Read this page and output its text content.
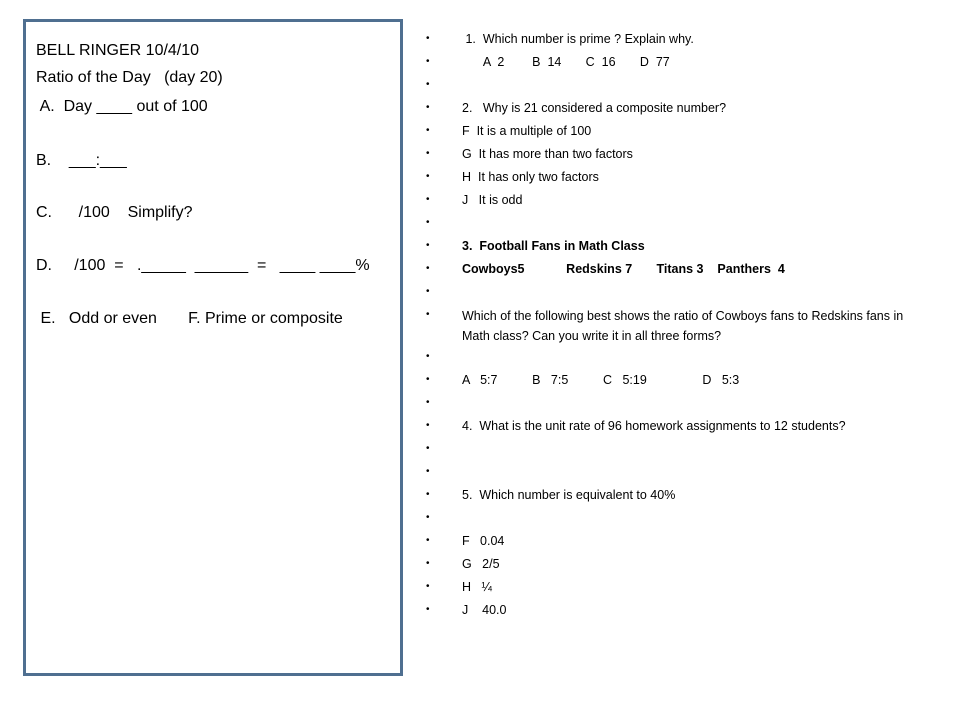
BELL RINGER 10/4/10
Ratio of the Day   (day 20)
A.  Day ____ out of 100
B.    ___:___
C.      /100    Simplify?
D.     /100  =   ._____  ______  =   ____ ____%
E.   Odd or even       F. Prime or composite
•	1.  Which number is prime ? Explain why.
•	A  2        B  14       C  16       D  77
•
•	2.   Why is 21 considered a composite number?
•	F  It is a multiple of 100
•	G  It has more than two factors
•	H  It has only two factors
•	J   It is odd
•
•	3.  Football Fans in Math Class
•	Cowboys5            Redskins 7       Titans 3    Panthers  4
•
•	Which of the following best shows the ratio of Cowboys fans to Redskins fans in Math class? Can you write it in all three forms?
•
•	A   5:7          B   7:5          C   5:19                D   5:3
•
•	4.  What is the unit rate of 96 homework assignments to 12 students?
•
•
•	5.  Which number is equivalent to 40%
•
•	F   0.04
•	G   2/5
•	H   ¼
•	J    40.0
